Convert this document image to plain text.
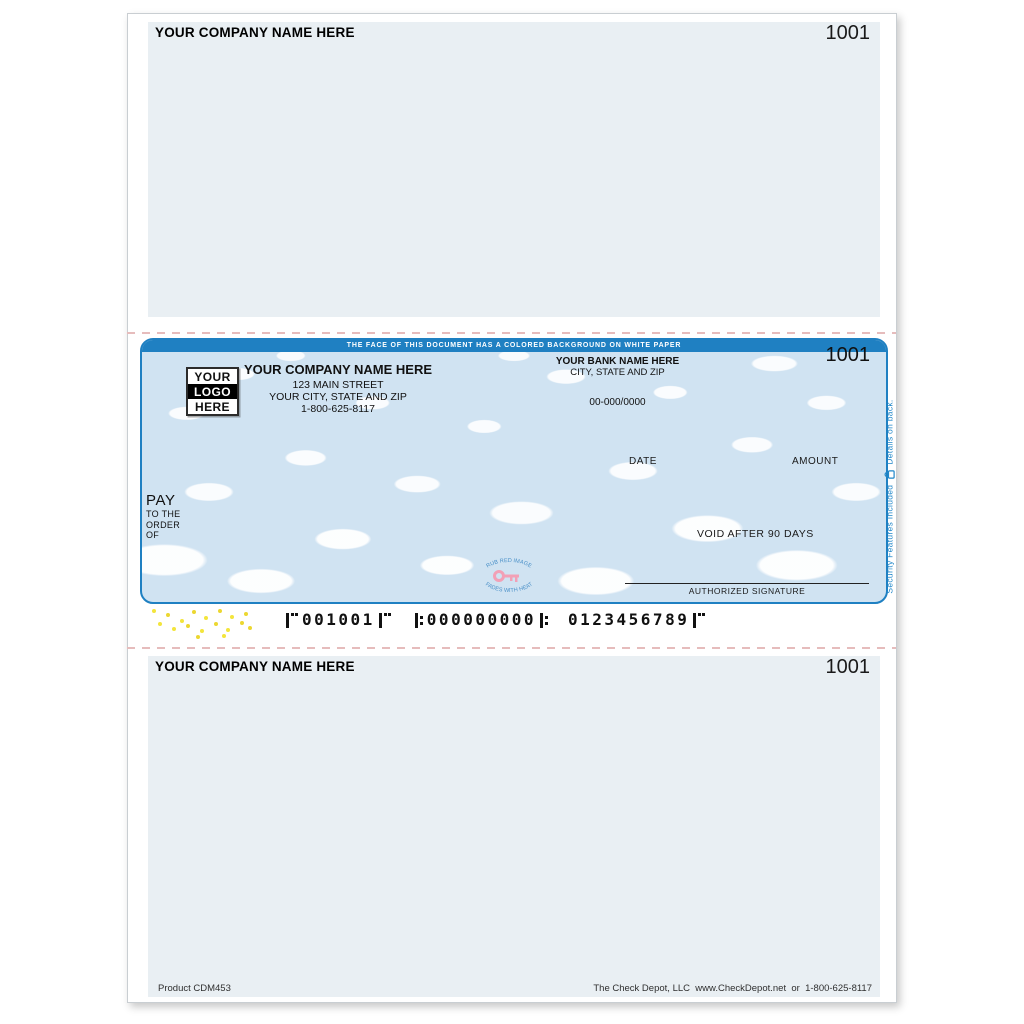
YOUR COMPANY NAME HERE	1001
THE FACE OF THIS DOCUMENT HAS A COLORED BACKGROUND ON WHITE PAPER
YOUR
LOGO
HERE
YOUR COMPANY NAME HERE
123 MAIN STREET
YOUR CITY, STATE AND ZIP
1-800-625-8117
YOUR BANK NAME HERE
CITY, STATE AND ZIP
00-000/0000
1001
DATE	AMOUNT
PAY
TO THE
ORDER
OF	VOID AFTER 90 DAYS
RUB RED IMAGE
FADES WITH HEAT
AUTHORIZED SIGNATURE	Security Features Included
Details on back.
001001	000000000 0123456789
YOUR COMPANY NAME HERE	1001
Product CDM453	The Check Depot, LLC  www.CheckDepot.net  or  1-800-625-8117
